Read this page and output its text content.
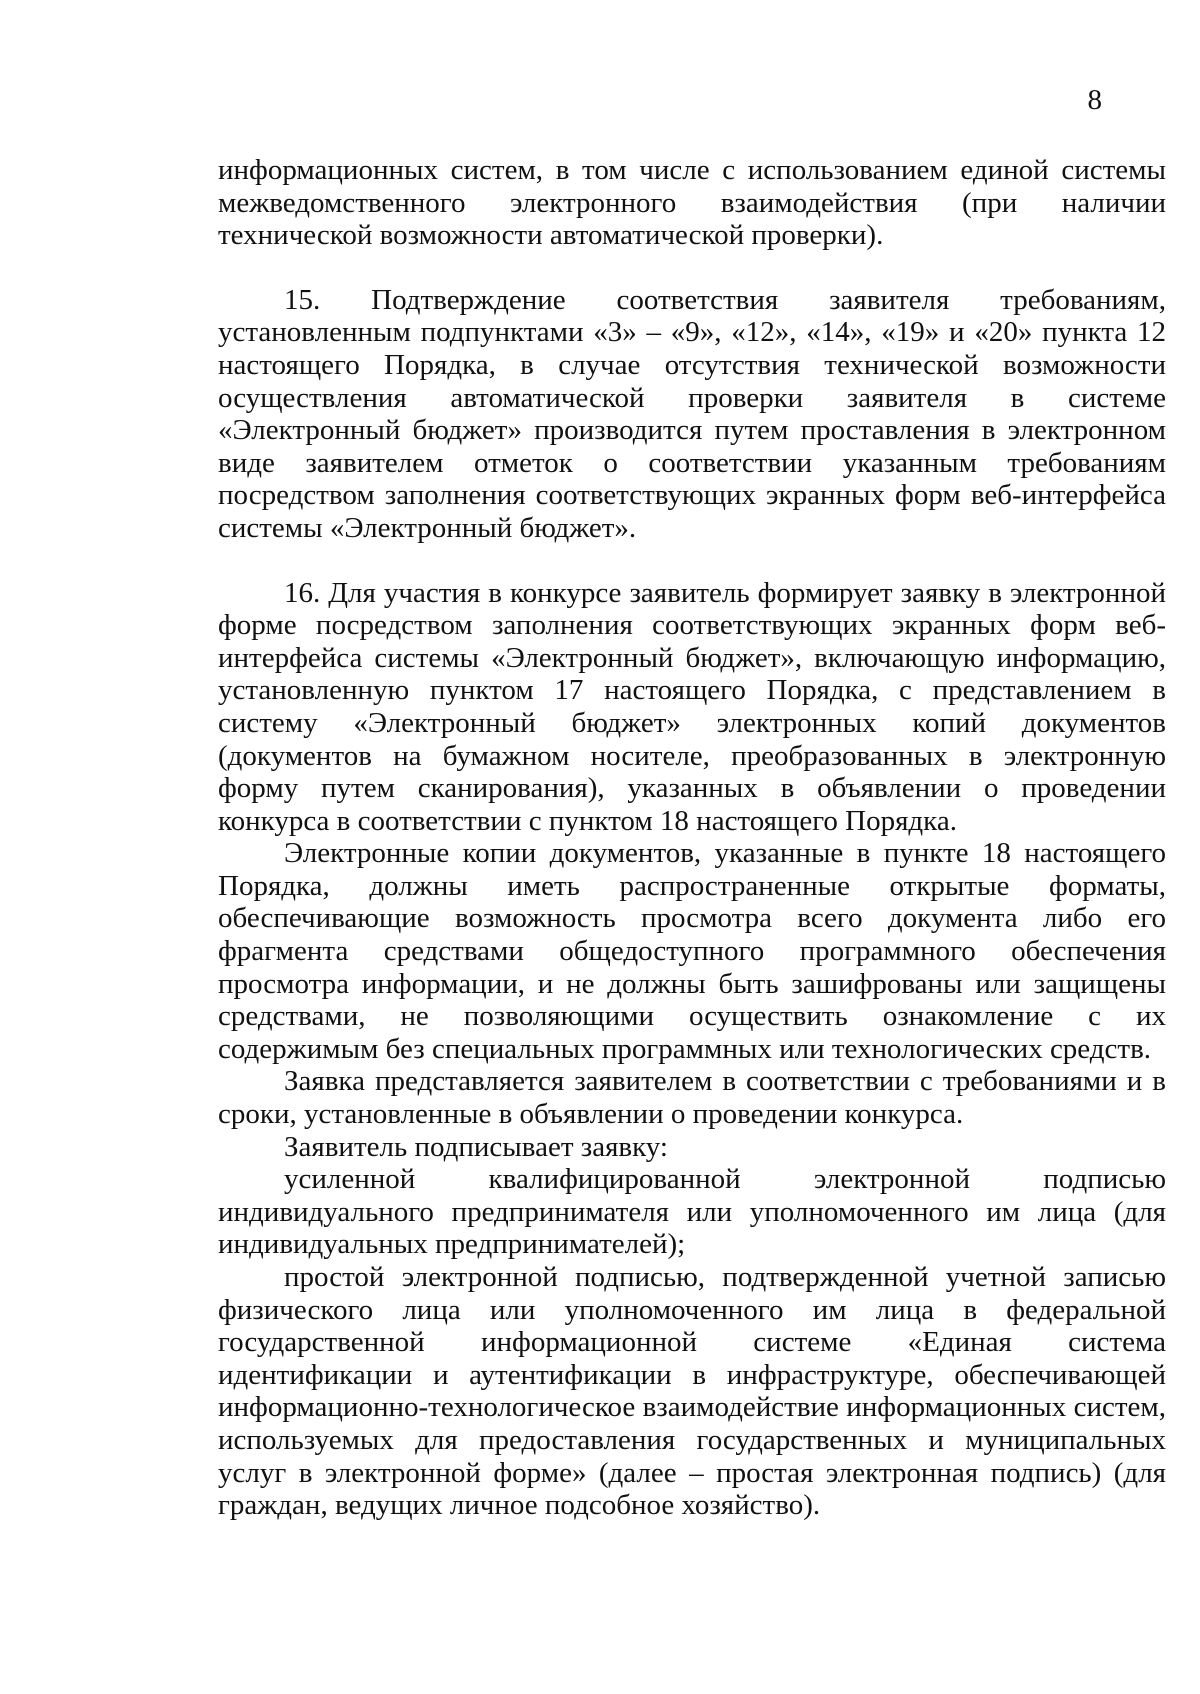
8

информационных систем, в том числе с использованием единой системы межведомственного электронного взаимодействия (при наличии технической возможности автоматической проверки).

15. Подтверждение соответствия заявителя требованиям, установленным подпунктами «3» – «9», «12», «14», «19» и «20» пункта 12 настоящего Порядка, в случае отсутствия технической возможности осуществления автоматической проверки заявителя в системе «Электронный бюджет» производится путем проставления в электронном виде заявителем отметок о соответствии указанным требованиям посредством заполнения соответствующих экранных форм веб-интерфейса системы «Электронный бюджет».

16. Для участия в конкурсе заявитель формирует заявку в электронной форме посредством заполнения соответствующих экранных форм веб-интерфейса системы «Электронный бюджет», включающую информацию, установленную пунктом 17 настоящего Порядка, с представлением в систему «Электронный бюджет» электронных копий документов (документов на бумажном носителе, преобразованных в электронную форму путем сканирования), указанных в объявлении о проведении конкурса в соответствии с пунктом 18 настоящего Порядка.

Электронные копии документов, указанные в пункте 18 настоящего Порядка, должны иметь распространенные открытые форматы, обеспечивающие возможность просмотра всего документа либо его фрагмента средствами общедоступного программного обеспечения просмотра информации, и не должны быть зашифрованы или защищены средствами, не позволяющими осуществить ознакомление с их содержимым без специальных программных или технологических средств.

Заявка представляется заявителем в соответствии с требованиями и в сроки, установленные в объявлении о проведении конкурса.

Заявитель подписывает заявку:

усиленной квалифицированной электронной подписью индивидуального предпринимателя или уполномоченного им лица (для индивидуальных предпринимателей);

простой электронной подписью, подтвержденной учетной записью физического лица или уполномоченного им лица в федеральной государственной информационной системе «Единая система идентификации и аутентификации в инфраструктуре, обеспечивающей информационно-технологическое взаимодействие информационных систем, используемых для предоставления государственных и муниципальных услуг в электронной форме» (далее – простая электронная подпись) (для граждан, ведущих личное подсобное хозяйство).
